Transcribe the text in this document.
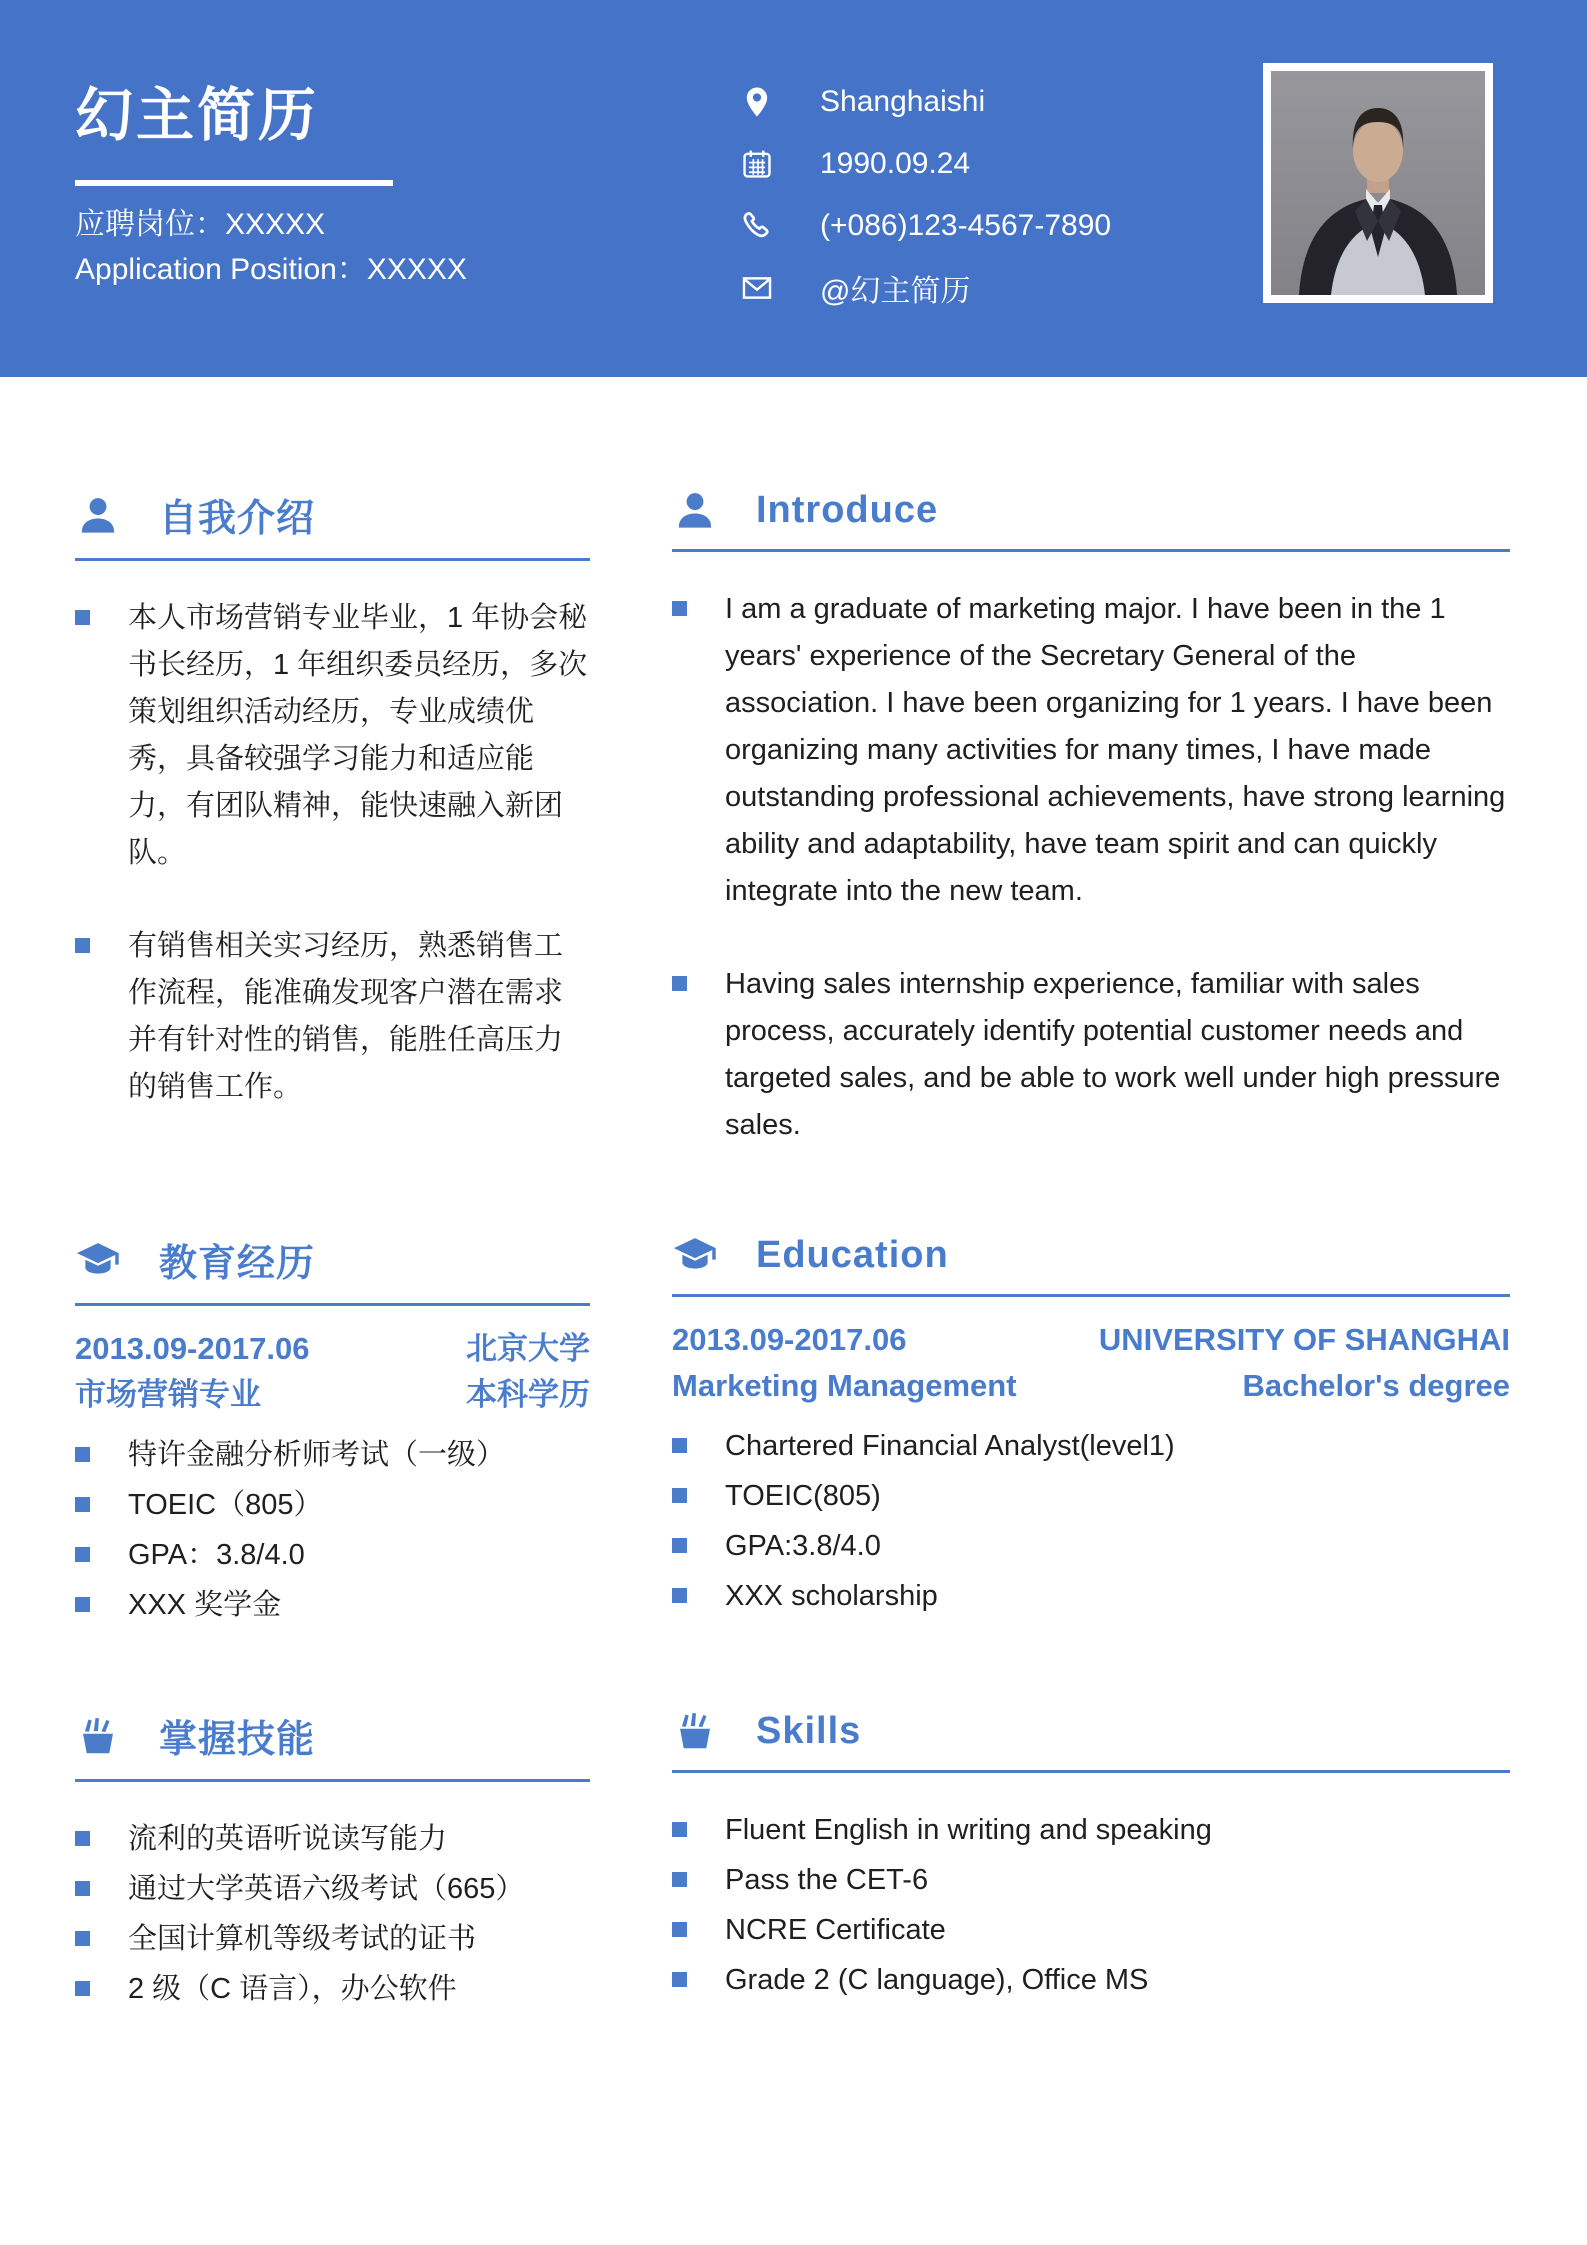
幻主简历
应聘岗位：XXXXX
Application Position：XXXXX
Shanghaishi
1990.09.24
(+086)123-4567-7890
@幻主简历
自我介绍
本人市场营销专业毕业，1 年协会秘书长经历，1 年组织委员经历，多次策划组织活动经历，专业成绩优秀，具备较强学习能力和适应能力，有团队精神，能快速融入新团队。
有销售相关实习经历，熟悉销售工作流程，能准确发现客户潜在需求并有针对性的销售，能胜任高压力的销售工作。
Introduce
I am a graduate of marketing major. I have been in the 1 years' experience of the Secretary General of the association. I have been organizing for 1 years. I have been organizing many activities for many times, I have made outstanding professional achievements, have strong learning ability and adaptability, have team spirit and can quickly integrate into the new team.
Having sales internship experience, familiar with sales process, accurately identify potential customer needs and targeted sales, and be able to work well under high pressure sales.
教育经历
2013.09-2017.06	北京大学
市场营销专业	本科学历
特许金融分析师考试（一级）
TOEIC（805）
GPA：3.8/4.0
XXX 奖学金
Education
2013.09-2017.06	UNIVERSITY OF SHANGHAI
Marketing Management	Bachelor's degree
Chartered Financial Analyst(level1)
TOEIC(805)
GPA:3.8/4.0
XXX scholarship
掌握技能
流利的英语听说读写能力
通过大学英语六级考试（665）
全国计算机等级考试的证书
2 级（C 语言），办公软件
Skills
Fluent English in writing and speaking
Pass the CET-6
NCRE Certificate
Grade 2 (C language), Office MS
